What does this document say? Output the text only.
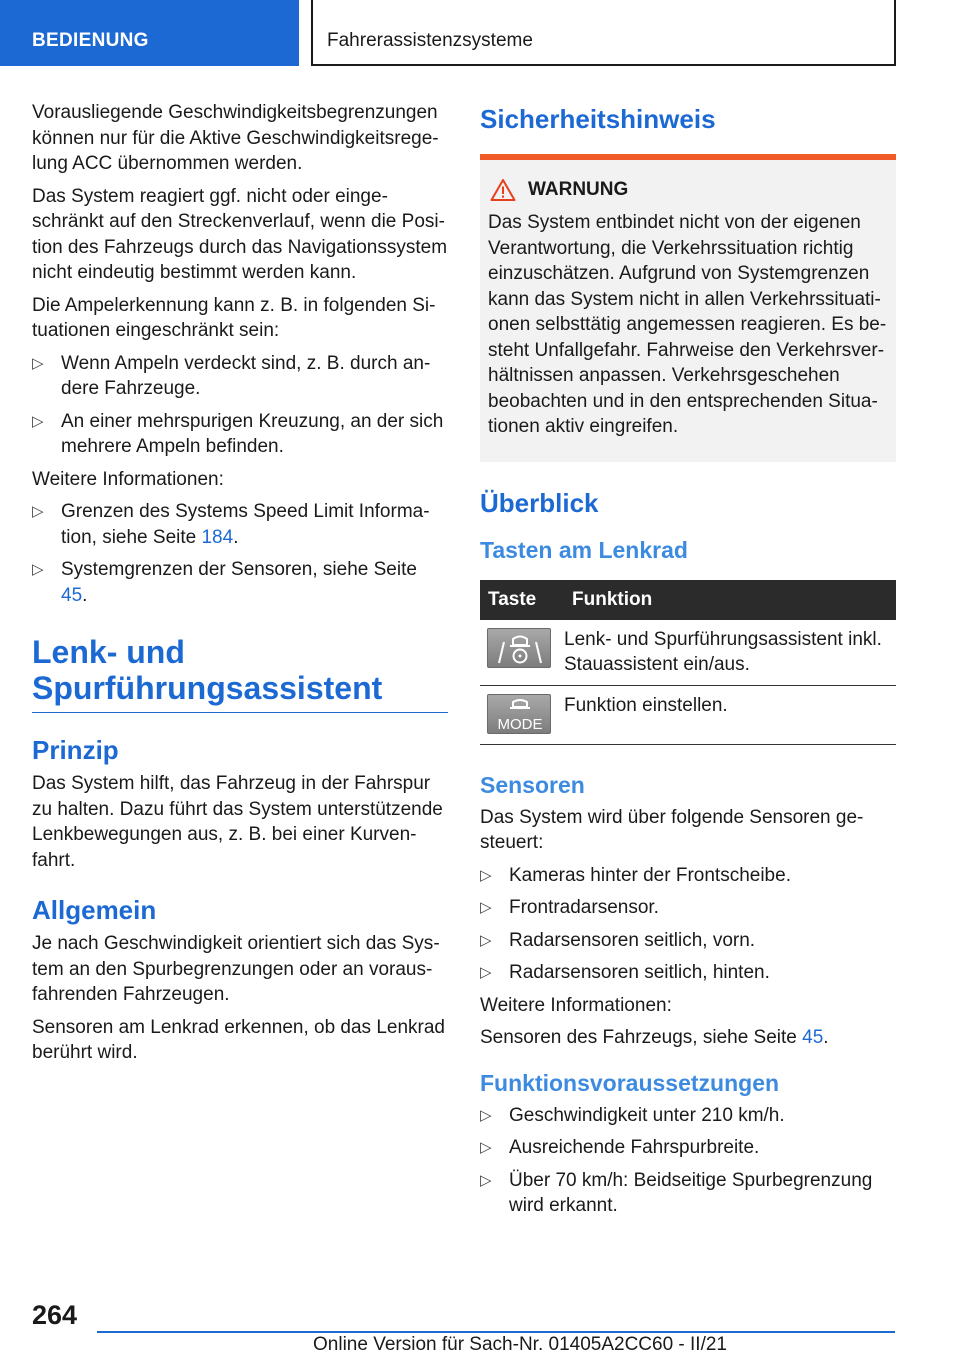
BEDIENUNG	Fahrerassistenzsysteme

Vorausliegende Geschwindigkeitsbegrenzungen können nur für die Aktive Geschwindigkeitsregelung ACC übernommen werden.

Das System reagiert ggf. nicht oder eingeschränkt auf den Streckenverlauf, wenn die Position des Fahrzeugs durch das Navigationssystem nicht eindeutig bestimmt werden kann.

Die Ampelerkennung kann z. B. in folgenden Situationen eingeschränkt sein:

▷ Wenn Ampeln verdeckt sind, z. B. durch andere Fahrzeuge.
▷ An einer mehrspurigen Kreuzung, an der sich mehrere Ampeln befinden.

Weitere Informationen:

▷ Grenzen des Systems Speed Limit Information, siehe Seite 184.
▷ Systemgrenzen der Sensoren, siehe Seite 45.
Lenk- und Spurführungsassistent
Prinzip

Das System hilft, das Fahrzeug in der Fahrspur zu halten. Dazu führt das System unterstützende Lenkbewegungen aus, z. B. bei einer Kurvenfahrt.

Allgemein

Je nach Geschwindigkeit orientiert sich das System an den Spurbegrenzungen oder an vorausfahrenden Fahrzeugen.

Sensoren am Lenkrad erkennen, ob das Lenkrad berührt wird.

Sicherheitshinweis
WARNUNG

Das System entbindet nicht von der eigenen Verantwortung, die Verkehrssituation richtig einzuschätzen. Aufgrund von Systemgrenzen kann das System nicht in allen Verkehrssituationen selbsttätig angemessen reagieren. Es besteht Unfallgefahr. Fahrweise den Verkehrsverhältnissen anpassen. Verkehrsgeschehen beobachten und in den entsprechenden Situationen aktiv eingreifen.

Überblick
Tasten am Lenkrad
Taste	Funktion

	Lenk- und Spurführungsassistent inkl. Stauassistent ein/aus.

MODE	Funktion einstellen.
Sensoren

Das System wird über folgende Sensoren gesteuert:

▷ Kameras hinter der Frontscheibe.
▷ Frontradarsensor.
▷ Radarsensoren seitlich, vorn.
▷ Radarsensoren seitlich, hinten.

Weitere Informationen:

Sensoren des Fahrzeugs, siehe Seite 45.

Funktionsvoraussetzungen
▷ Geschwindigkeit unter 210 km/h.
▷ Ausreichende Fahrspurbreite.
▷ Über 70 km/h: Beidseitige Spurbegrenzung wird erkannt.
264
Online Version für Sach-Nr. 01405A2CC60 - II/21
